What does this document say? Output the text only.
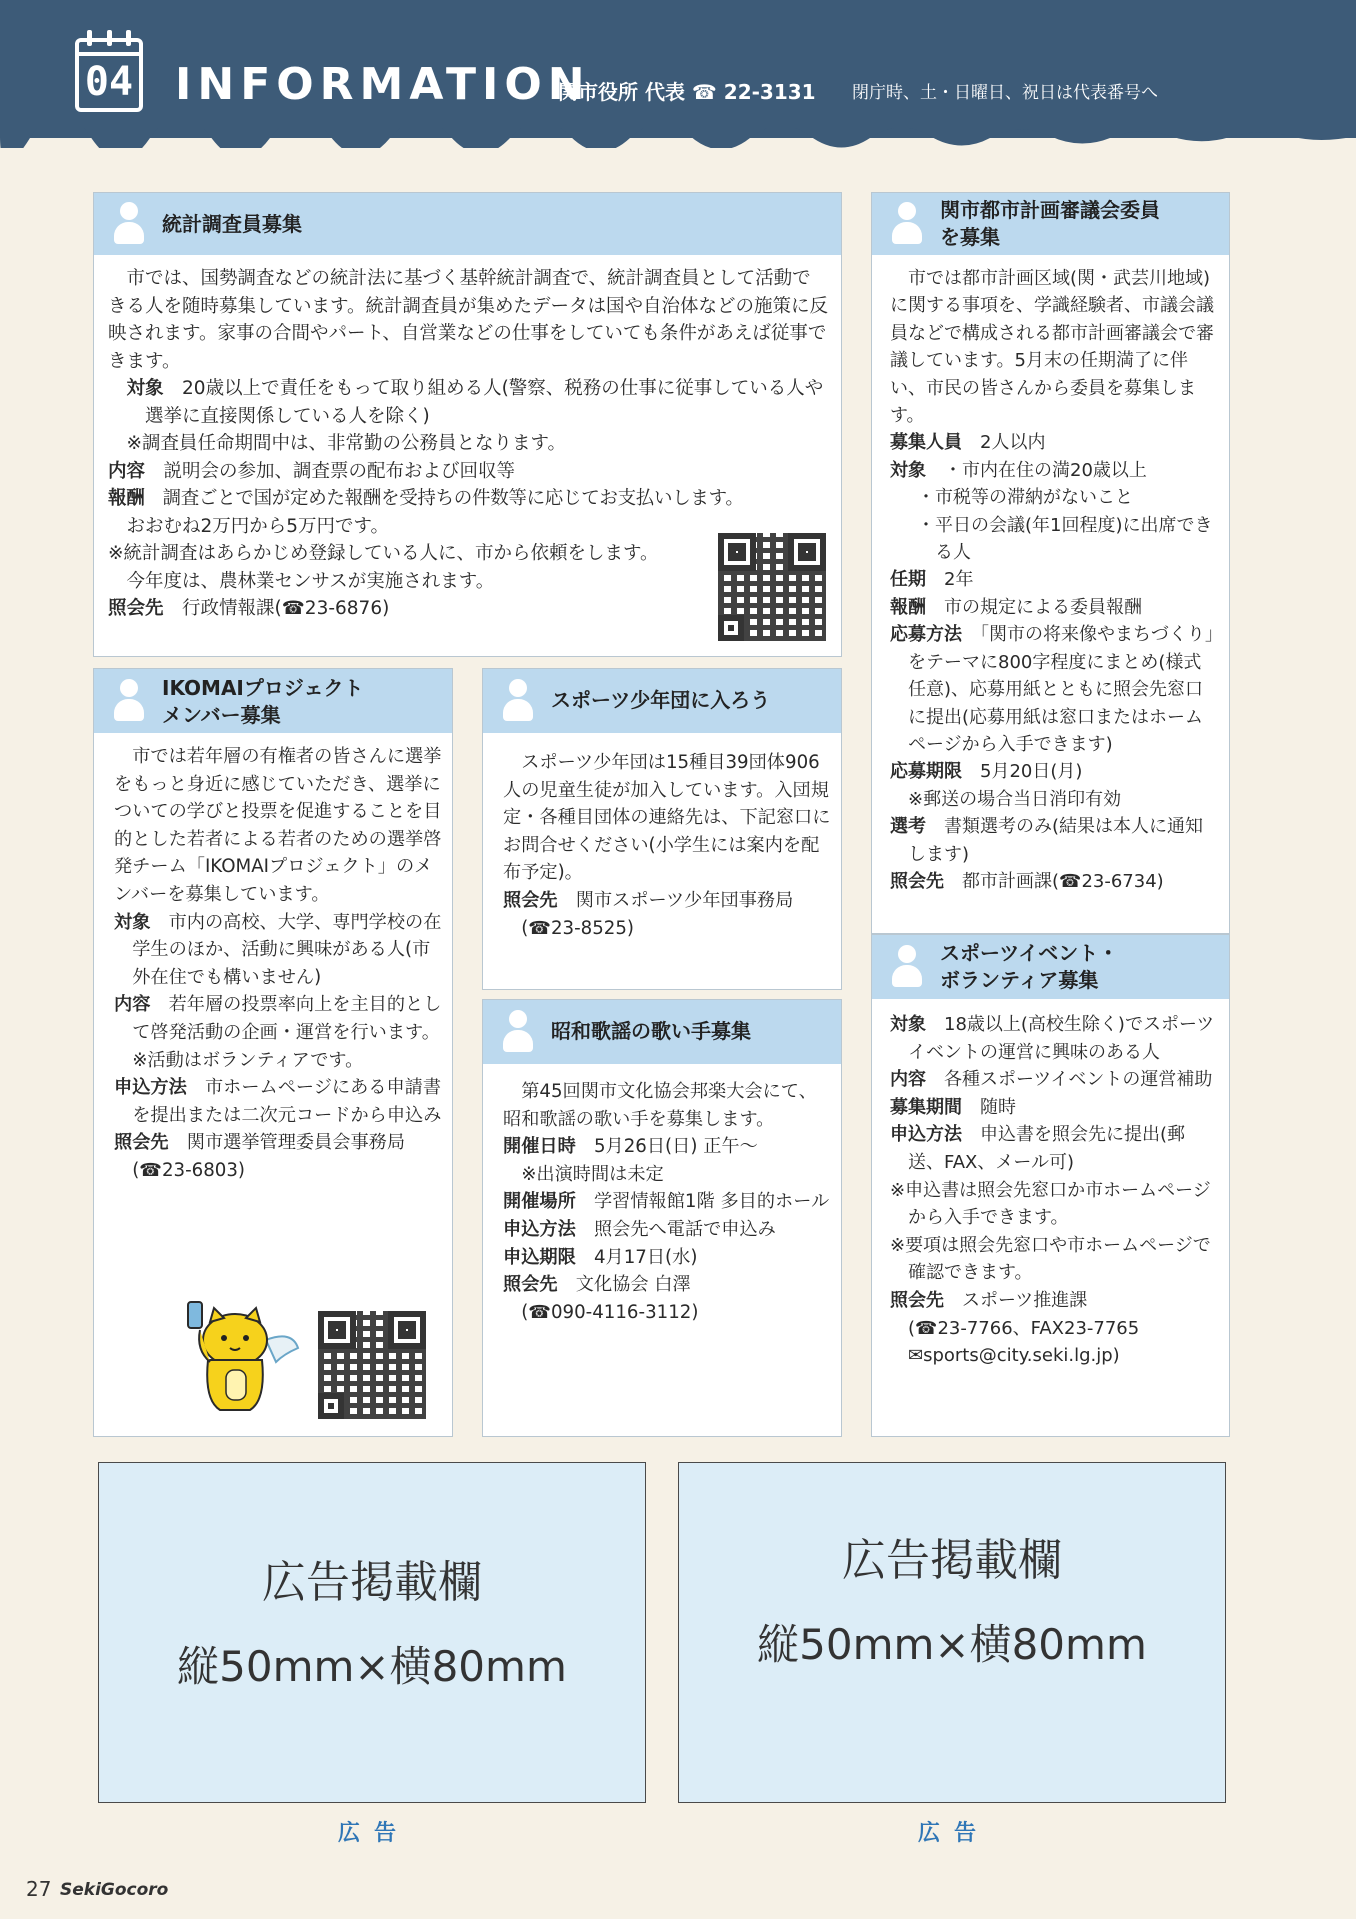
04 INFORMATION
関市役所 代表 ☎ 22-3131 閉庁時、土・日曜日、祝日は代表番号へ
統計調査員募集

市では、国勢調査などの統計法に基づく基幹統計調査で、統計調査員として活動できる人を随時募集しています。統計調査員が集めたデータは国や自治体などの施策に反映されます。家事の合間やパート、自営業などの仕事をしていても条件があえば従事できます。

対象　 20歳以上で責任をもって取り組める人(警察、税務の仕事に従事している人や選挙に直接関係している人を除く)

※調査員任命期間中は、非常勤の公務員となります。

内容　 説明会の参加、調査票の配布および回収等

報酬　 調査ごとで国が定めた報酬を受持ちの件数等に応じてお支払いします。

おおむね2万円から5万円です。

※統計調査はあらかじめ登録している人に、市から依頼をします。今年度は、農林業センサスが実施されます。

照会先　 行政情報課(☎23-6876)

関市都市計画審議会委員
を募集

市では都市計画区域(関・武芸川地域)に関する事項を、学識経験者、市議会議員などで構成される都市計画審議会で審議しています。5月末の任期満了に伴い、市民の皆さんから委員を募集します。

募集人員　 2人以内

対象　 ・市内在住の満20歳以上

・市税等の滞納がないこと

・平日の会議(年1回程度)に出席できる人

任期　 2年

報酬　 市の規定による委員報酬

応募方法　 「関市の将来像やまちづくり」をテーマに800字程度にまとめ(様式任意)、応募用紙とともに照会先窓口に提出(応募用紙は窓口またはホームページから入手できます)

応募期限　 5月20日(月)

※郵送の場合当日消印有効

選考　 書類選考のみ(結果は本人に通知します)

照会先　 都市計画課(☎23-6734)

IKOMAIプロジェクト
メンバー募集

市では若年層の有権者の皆さんに選挙をもっと身近に感じていただき、選挙についての学びと投票を促進することを目的とした若者による若者のための選挙啓発チーム「IKOMAIプロジェクト」のメンバーを募集しています。

対象　 市内の高校、大学、専門学校の在学生のほか、活動に興味がある人(市外在住でも構いません)

内容　 若年層の投票率向上を主目的として啓発活動の企画・運営を行います。

※活動はボランティアです。

申込方法　 市ホームページにある申請書を提出または二次元コードから申込み

照会先　 関市選挙管理委員会事務局(☎23-6803)

スポーツ少年団に入ろう

スポーツ少年団は15種目39団体906人の児童生徒が加入しています。入団規定・各種目団体の連絡先は、下記窓口にお問合せください(小学生には案内を配布予定)。

照会先　 関市スポーツ少年団事務局(☎23-8525)

昭和歌謡の歌い手募集

第45回関市文化協会邦楽大会にて、昭和歌謡の歌い手を募集します。

開催日時　 5月26日(日) 正午〜

※出演時間は未定

開催場所　 学習情報館1階 多目的ホール

申込方法　 照会先へ電話で申込み

申込期限　 4月17日(水)

照会先　 文化協会 白澤

(☎090-4116-3112)

スポーツイベント・
ボランティア募集

対象　 18歳以上(高校生除く)でスポーツイベントの運営に興味のある人

内容　 各種スポーツイベントの運営補助

募集期間　 随時

申込方法　 申込書を照会先に提出(郵送、FAX、メール可)

※申込書は照会先窓口か市ホームページから入手できます。

※要項は照会先窓口や市ホームページで確認できます。

照会先　 スポーツ推進課

(☎23-7766、FAX23-7765

✉sports@city.seki.lg.jp)

広告掲載欄
縦50mm×横80mm
広告
広告掲載欄
縦50mm×横80mm
広告
27 SekiGocoro
